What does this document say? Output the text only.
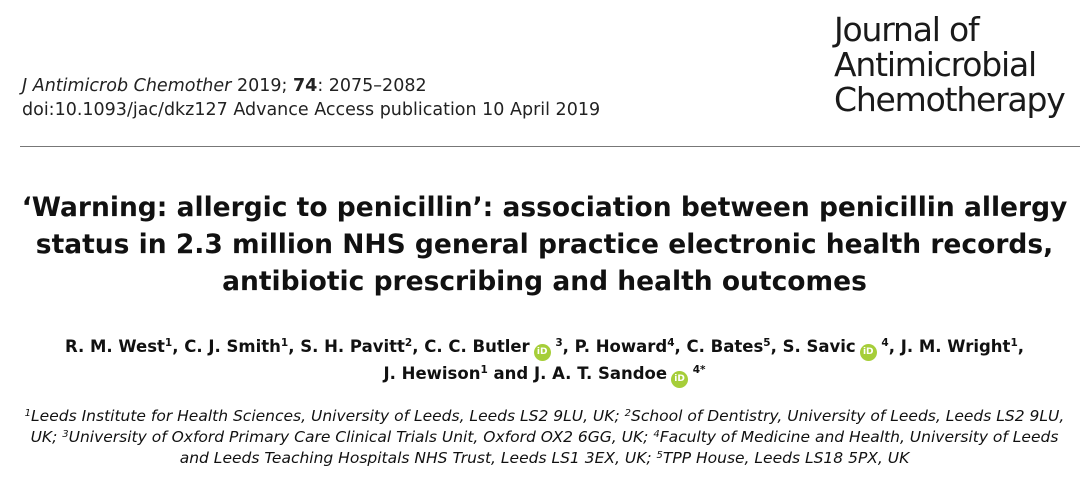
J Antimicrob Chemother 2019; 74: 2075–2082
doi:10.1093/jac/dkz127 Advance Access publication 10 April 2019
Journal of
Antimicrobial
Chemotherapy
‘Warning: allergic to penicillin’: association between penicillin allergy
status in 2.3 million NHS general practice electronic health records,
antibiotic prescribing and health outcomes
R. M. West$^1$, C. J. Smith$^1$, S. H. Pavitt$^2$, C. C. Butler iD $^3$, P. Howard$^4$, C. Bates$^5$, S. Savic iD $^4$, J. M. Wright$^1$,
J. Hewison$^1$ and J. A. T. Sandoe iD $^{4*}$
$^1$Leeds Institute for Health Sciences, University of Leeds, Leeds LS2 9LU, UK; $^2$School of Dentistry, University of Leeds, Leeds LS2 9LU, UK; $^3$University of Oxford Primary Care Clinical Trials Unit, Oxford OX2 6GG, UK; $^4$Faculty of Medicine and Health, University of Leeds and Leeds Teaching Hospitals NHS Trust, Leeds LS1 3EX, UK; $^5$TPP House, Leeds LS18 5PX, UK
